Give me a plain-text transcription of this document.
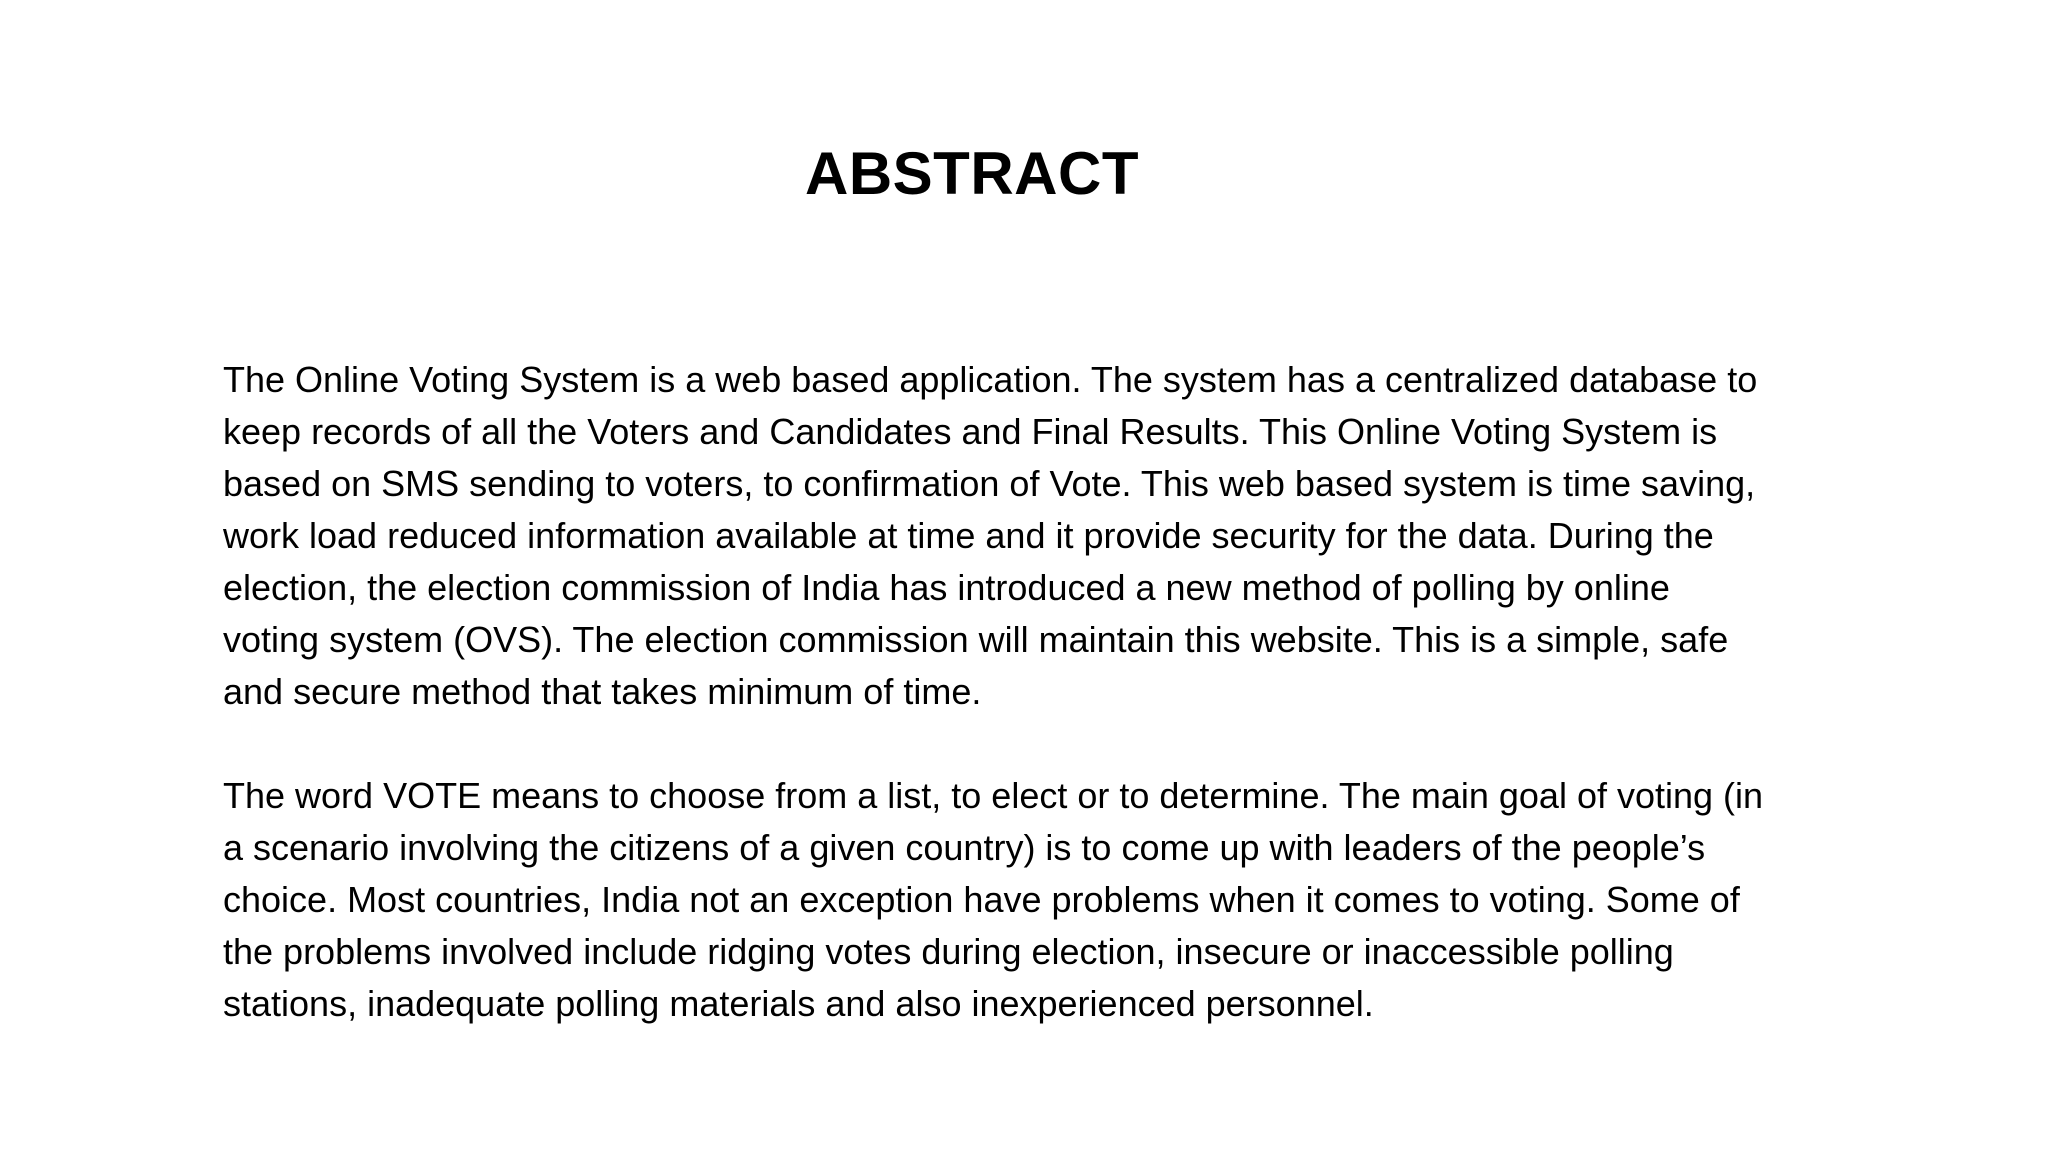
ABSTRACT
The Online Voting System is a web based application. The system has a centralized database to
keep records of all the Voters and Candidates and Final Results. This Online Voting System is
based on SMS sending to voters, to confirmation of Vote. This web based system is time saving,
work load reduced information available at time and it provide security for the data. During the
election, the election commission of India has introduced a new method of polling by online
voting system (OVS). The election commission will maintain this website. This is a simple, safe
and secure method that takes minimum of time.
The word VOTE means to choose from a list, to elect or to determine. The main goal of voting (in
a scenario involving the citizens of a given country) is to come up with leaders of the people’s
choice. Most countries, India not an exception have problems when it comes to voting. Some of
the problems involved include ridging votes during election, insecure or inaccessible polling
stations, inadequate polling materials and also inexperienced personnel.
